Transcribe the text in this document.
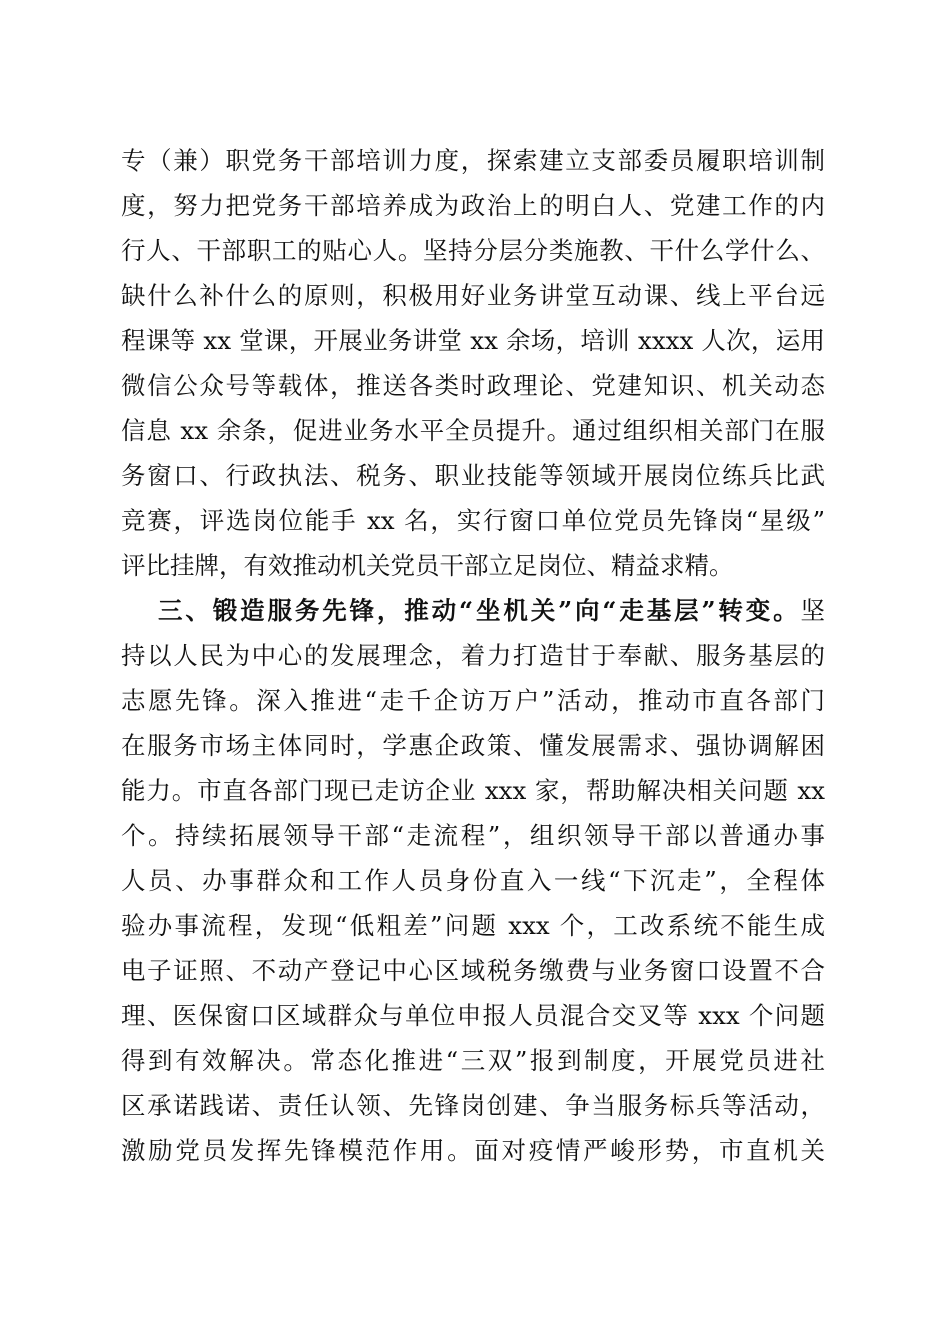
专（兼）职党务干部培训力度，探索建立支部委员履职培训制
度，努力把党务干部培养成为政治上的明白人、党建工作的内
行人、干部职工的贴心人。坚持分层分类施教、干什么学什么、
缺什么补什么的原则，积极用好业务讲堂互动课、线上平台远
程课等 xx 堂课，开展业务讲堂 xx 余场，培训 xxxx 人次，运用
微信公众号等载体，推送各类时政理论、党建知识、机关动态
信息 xx 余条，促进业务水平全员提升。通过组织相关部门在服
务窗口、行政执法、税务、职业技能等领域开展岗位练兵比武
竞赛，评选岗位能手 xx 名，实行窗口单位党员先锋岗“星级”
评比挂牌，有效推动机关党员干部立足岗位、精益求精。
三、锻造服务先锋，推动“坐机关”向“走基层”转变。坚
持以人民为中心的发展理念，着力打造甘于奉献、服务基层的
志愿先锋。深入推进“走千企访万户”活动，推动市直各部门
在服务市场主体同时，学惠企政策、懂发展需求、强协调解困
能力。市直各部门现已走访企业 xxx 家，帮助解决相关问题 xx
个。持续拓展领导干部“走流程”，组织领导干部以普通办事
人员、办事群众和工作人员身份直入一线“下沉走”，全程体
验办事流程，发现“低粗差”问题 xxx 个，工改系统不能生成
电子证照、不动产登记中心区域税务缴费与业务窗口设置不合
理、医保窗口区域群众与单位申报人员混合交叉等 xxx 个问题
得到有效解决。常态化推进“三双”报到制度，开展党员进社
区承诺践诺、责任认领、先锋岗创建、争当服务标兵等活动，
激励党员发挥先锋模范作用。面对疫情严峻形势，市直机关
